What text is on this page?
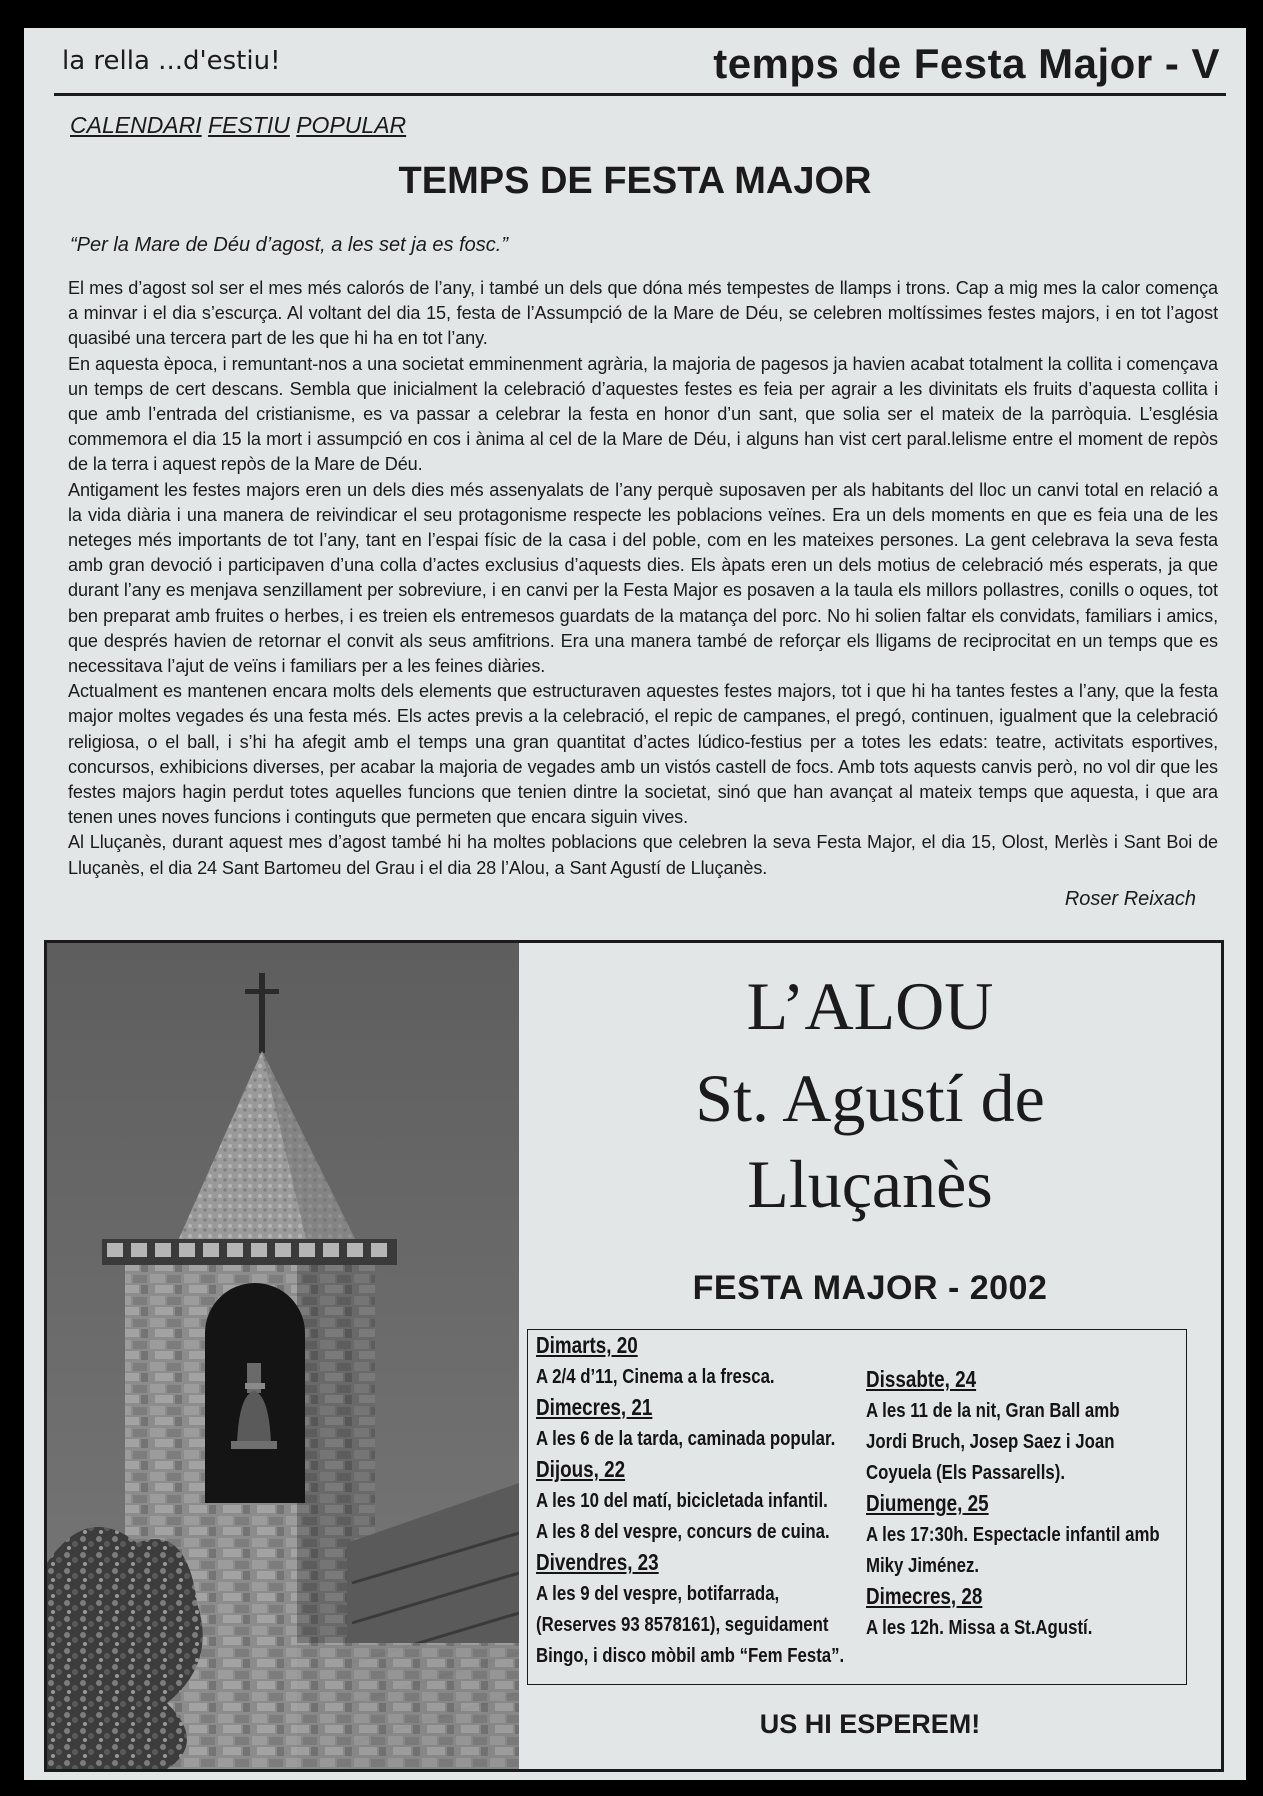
la rella ...d'estiu!	temps de Festa Major - V
CALENDARI FESTIU POPULAR
TEMPS DE FESTA MAJOR
“Per la Mare de Déu d’agost, a les set ja es fosc.”

El mes d’agost sol ser el mes més calorós de l’any, i també un dels que dóna més tempestes de llamps i trons. Cap a mig mes la calor comença a minvar i el dia s’escurça. Al voltant del dia 15, festa de l’Assumpció de la Mare de Déu, se celebren moltíssimes festes majors, i en tot l’agost quasibé una tercera part de les que hi ha en tot l’any.

En aquesta època, i remuntant-nos a una societat emminenment agrària, la majoria de pagesos ja havien acabat totalment la collita i començava un temps de cert descans. Sembla que inicialment la celebració d’aquestes festes es feia per agrair a les divinitats els fruits d’aquesta collita i que amb l’entrada del cristianisme, es va passar a celebrar la festa en honor d’un sant, que solia ser el mateix de la parròquia. L’església commemora el dia 15 la mort i assumpció en cos i ànima al cel de la Mare de Déu, i alguns han vist cert paral.lelisme entre el moment de repòs de la terra i aquest repòs de la Mare de Déu.

Antigament les festes majors eren un dels dies més assenyalats de l’any perquè suposaven per als habitants del lloc un canvi total en relació a la vida diària i una manera de reivindicar el seu protagonisme respecte les poblacions veïnes. Era un dels moments en que es feia una de les neteges més importants de tot l’any, tant en l’espai físic de la casa i del poble, com en les mateixes persones. La gent celebrava la seva festa amb gran devoció i participaven d’una colla d’actes exclusius d’aquests dies. Els àpats eren un dels motius de celebració més esperats, ja que durant l’any es menjava senzillament per sobreviure, i en canvi per la Festa Major es posaven a la taula els millors pollastres, conills o oques, tot ben preparat amb fruites o herbes, i es treien els entremesos guardats de la matança del porc. No hi solien faltar els convidats, familiars i amics, que després havien de retornar el convit als seus amfitrions. Era una manera també de reforçar els lligams de reciprocitat en un temps que es necessitava l’ajut de veïns i familiars per a les feines diàries.

Actualment es mantenen encara molts dels elements que estructuraven aquestes festes majors, tot i que hi ha tantes festes a l’any, que la festa major moltes vegades és una festa més. Els actes previs a la celebració, el repic de campanes, el pregó, continuen, igualment que la celebració religiosa, o el ball, i s’hi ha afegit amb el temps una gran quantitat d’actes lúdico-festius per a totes les edats: teatre, activitats esportives, concursos, exhibicions diverses, per acabar la majoria de vegades amb un vistós castell de focs. Amb tots aquests canvis però, no vol dir que les festes majors hagin perdut totes aquelles funcions que tenien dintre la societat, sinó que han avançat al mateix temps que aquesta, i que ara tenen unes noves funcions i continguts que permeten que encara siguin vives.

Al Lluçanès, durant aquest mes d’agost també hi ha moltes poblacions que celebren la seva Festa Major, el dia 15, Olost, Merlès i Sant Boi de Lluçanès, el dia 24 Sant Bartomeu del Grau i el dia 28 l’Alou, a Sant Agustí de Lluçanès.

Roser Reixach
L’ALOU
St. Agustí de
Lluçanès
FESTA MAJOR - 2002
Dimarts, 20
A 2/4 d’11, Cinema a la fresca.
Dimecres, 21
A les 6 de la tarda, caminada popular.
Dijous, 22
A les 10 del matí, bicicletada infantil.
A les 8 del vespre, concurs de cuina.
Divendres, 23
A les 9 del vespre, botifarrada,
(Reserves 93 8578161), seguidament
Bingo, i disco mòbil amb “Fem Festa”.
Dissabte, 24
A les 11 de la nit, Gran Ball amb
Jordi Bruch, Josep Saez i Joan
Coyuela (Els Passarells).
Diumenge, 25
A les 17:30h. Espectacle infantil amb
Miky Jiménez.
Dimecres, 28
A les 12h. Missa a St.Agustí.
US HI ESPEREM!
